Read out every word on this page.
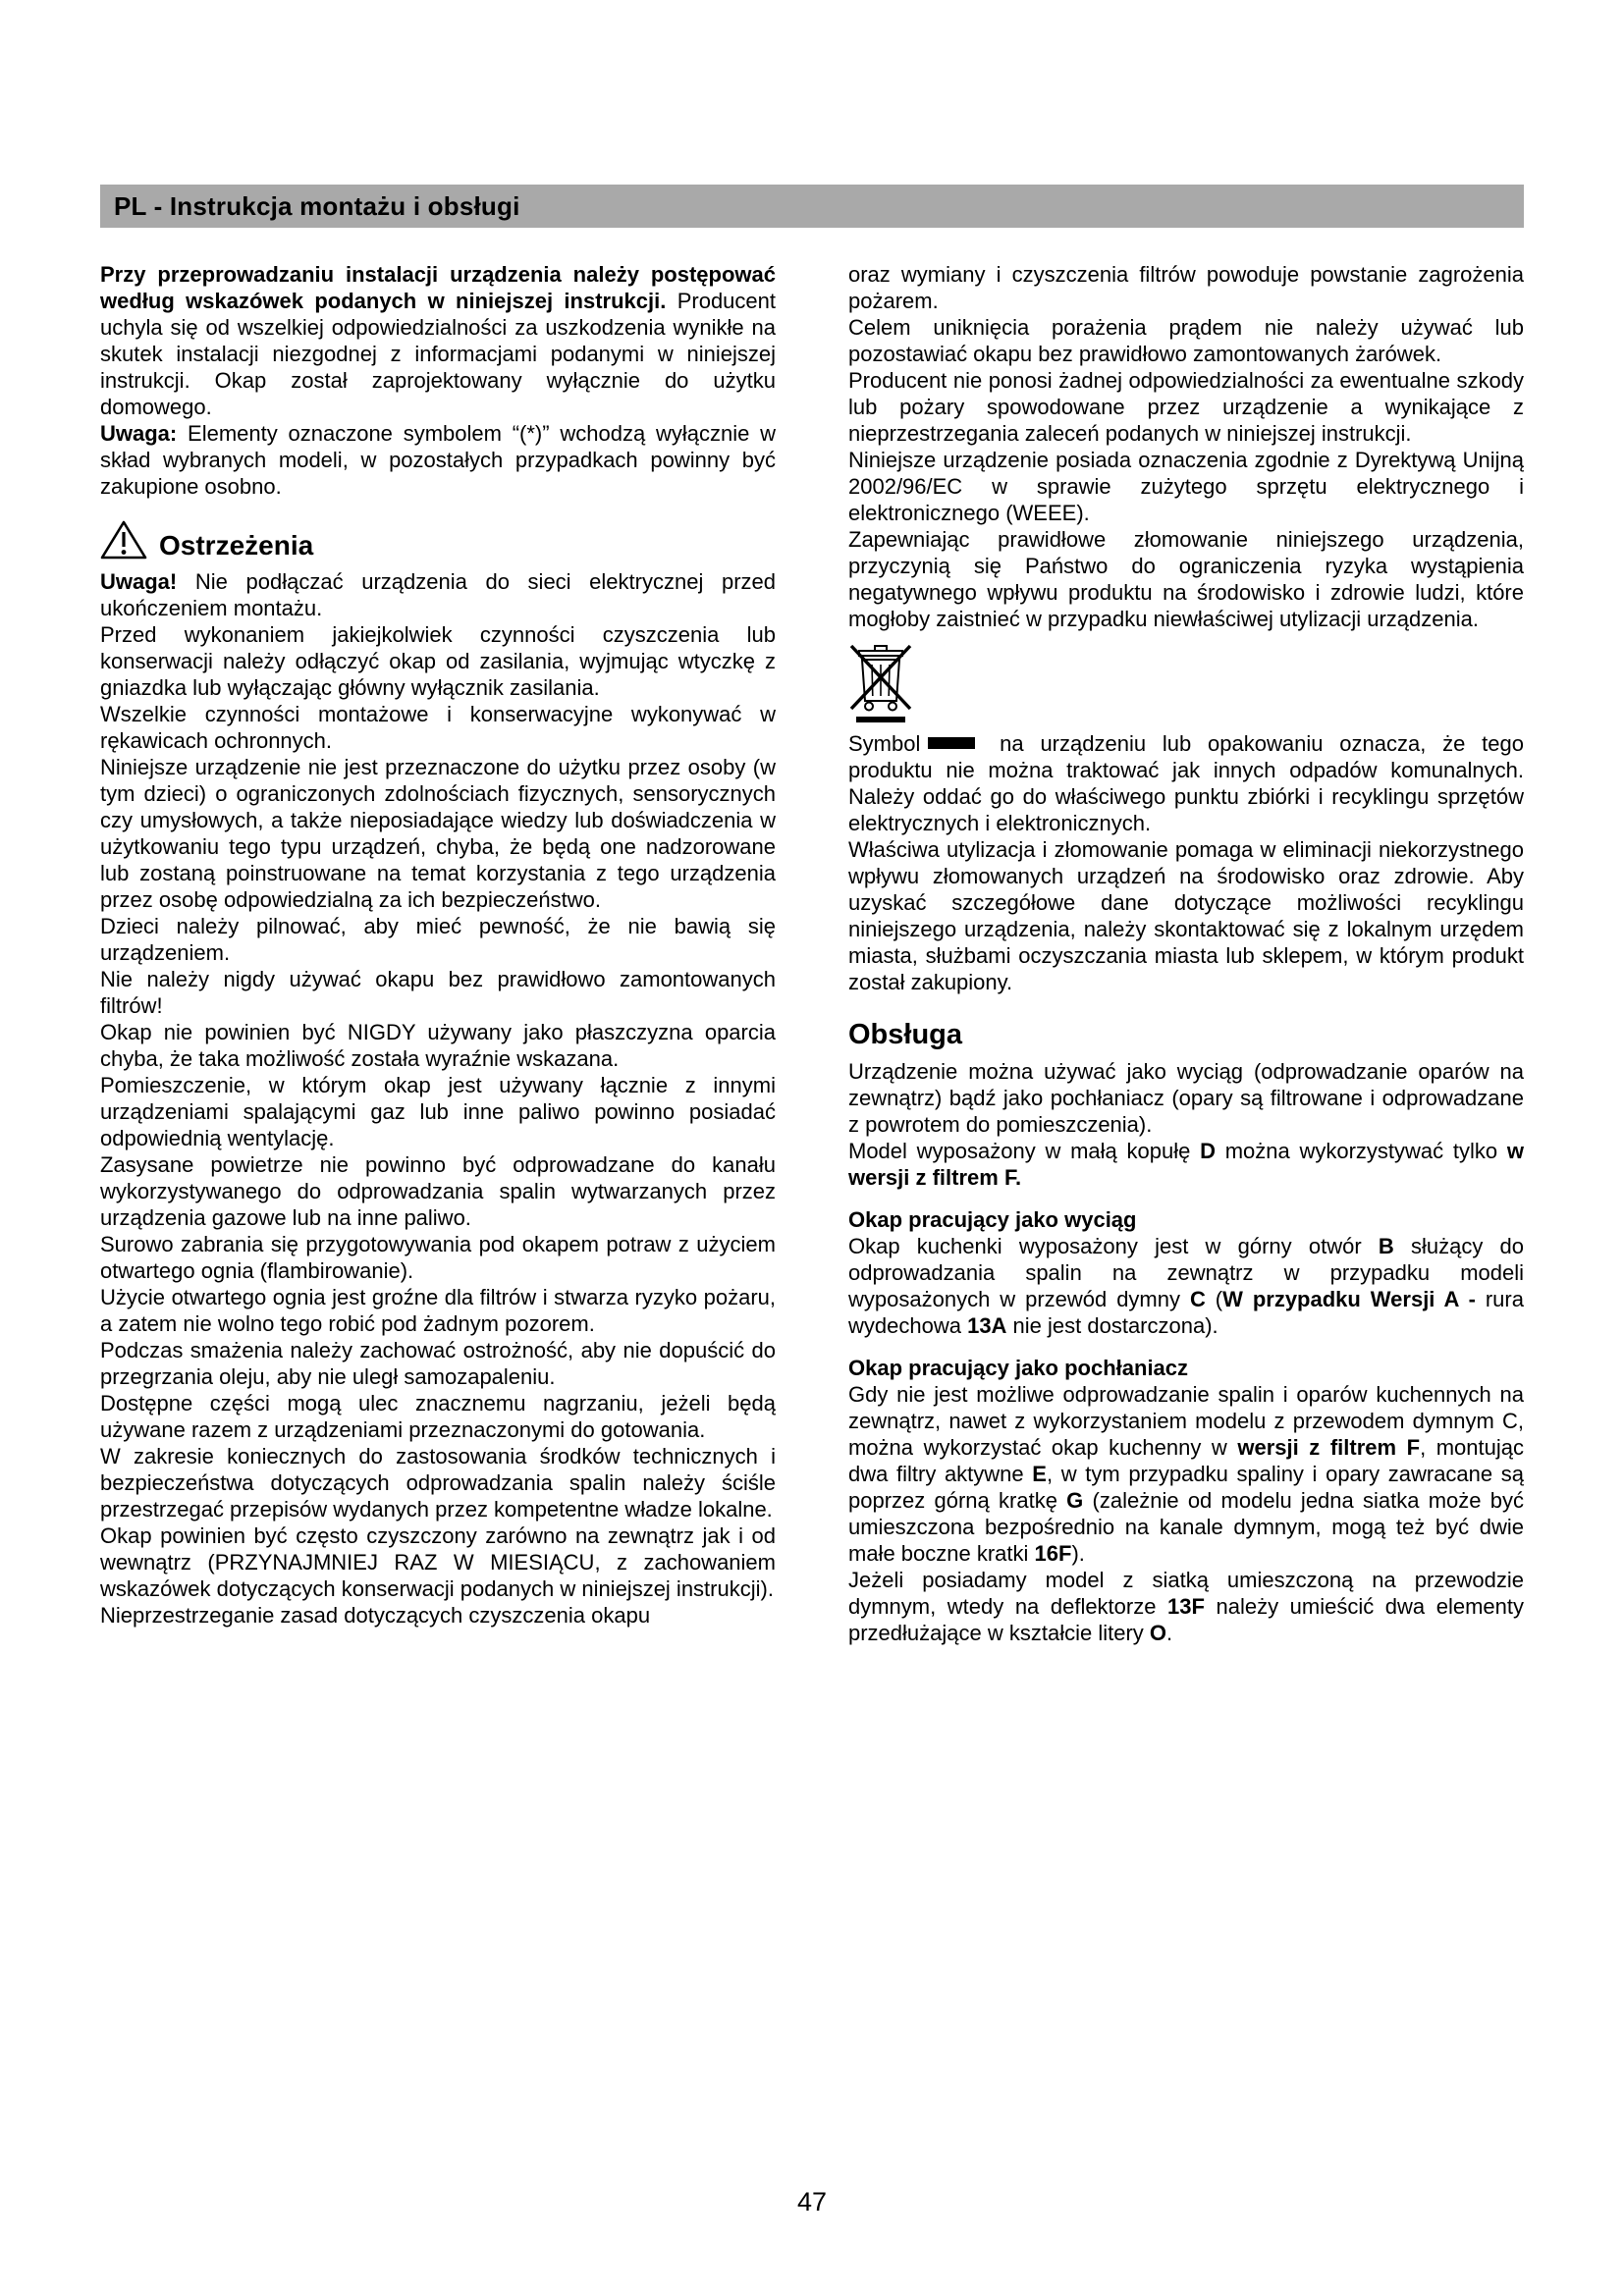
PL - Instrukcja montażu i obsługi

Przy przeprowadzaniu instalacji urządzenia należy postępować według wskazówek podanych w niniejszej instrukcji. Producent uchyla się od wszelkiej odpowiedzialności za uszkodzenia wynikłe na skutek instalacji niezgodnej z informacjami podanymi w niniejszej instrukcji. Okap został zaprojektowany wyłącznie do użytku domowego.

Uwaga: Elementy oznaczone symbolem “(*)” wchodzą wyłącznie w skład wybranych modeli, w pozostałych przypadkach powinny być zakupione osobno.

Ostrzeżenia

Uwaga! Nie podłączać urządzenia do sieci elektrycznej przed ukończeniem montażu.

Przed wykonaniem jakiejkolwiek czynności czyszczenia lub konserwacji należy odłączyć okap od zasilania, wyjmując wtyczkę z gniazdka lub wyłączając główny wyłącznik zasilania.

Wszelkie czynności montażowe i konserwacyjne wykonywać w rękawicach ochronnych.

Niniejsze urządzenie nie jest przeznaczone do użytku przez osoby (w tym dzieci) o ograniczonych zdolnościach fizycznych, sensorycznych czy umysłowych, a także nieposiadające wiedzy lub doświadczenia w użytkowaniu tego typu urządzeń, chyba, że będą one nadzorowane lub zostaną poinstruowane na temat korzystania z tego urządzenia przez osobę odpowiedzialną za ich bezpieczeństwo.

Dzieci należy pilnować, aby mieć pewność, że nie bawią się urządzeniem.

Nie należy nigdy używać okapu bez prawidłowo zamontowanych filtrów!

Okap nie powinien być NIGDY używany jako płaszczyzna oparcia chyba, że taka możliwość została wyraźnie wskazana.

Pomieszczenie, w którym okap jest używany łącznie z innymi urządzeniami spalającymi gaz lub inne paliwo powinno posiadać odpowiednią wentylację.

Zasysane powietrze nie powinno być odprowadzane do kanału wykorzystywanego do odprowadzania spalin wytwarzanych przez urządzenia gazowe lub na inne paliwo.

Surowo zabrania się przygotowywania pod okapem potraw z użyciem otwartego ognia (flambirowanie).

Użycie otwartego ognia jest groźne dla filtrów i stwarza ryzyko pożaru, a zatem nie wolno tego robić pod żadnym pozorem.

Podczas smażenia należy zachować ostrożność, aby nie dopuścić do przegrzania oleju, aby nie uległ samozapaleniu.

Dostępne części mogą ulec znacznemu nagrzaniu, jeżeli będą używane razem z urządzeniami przeznaczonymi do gotowania.

W zakresie koniecznych do zastosowania środków technicznych i bezpieczeństwa dotyczących odprowadzania spalin należy ściśle przestrzegać przepisów wydanych przez kompetentne władze lokalne.

Okap powinien być często czyszczony zarówno na zewnątrz jak i od wewnątrz (PRZYNAJMNIEJ RAZ W MIESIĄCU, z zachowaniem wskazówek dotyczących konserwacji podanych w niniejszej instrukcji).

Nieprzestrzeganie zasad dotyczących czyszczenia okapu

oraz wymiany i czyszczenia filtrów powoduje powstanie zagrożenia pożarem.

Celem uniknięcia porażenia prądem nie należy używać lub pozostawiać okapu bez prawidłowo zamontowanych żarówek.

Producent nie ponosi żadnej odpowiedzialności za ewentualne szkody lub pożary spowodowane przez urządzenie a wynikające z nieprzestrzegania zaleceń podanych w niniejszej instrukcji.

Niniejsze urządzenie posiada oznaczenia zgodnie z Dyrektywą Unijną 2002/96/EC w sprawie zużytego sprzętu elektrycznego i elektronicznego (WEEE).

Zapewniając prawidłowe złomowanie niniejszego urządzenia, przyczynią się Państwo do ograniczenia ryzyka wystąpienia negatywnego wpływu produktu na środowisko i zdrowie ludzi, które mogłoby zaistnieć w przypadku niewłaściwej utylizacji urządzenia.

Symbol	na urządzeniu lub opakowaniu oznacza, że tego produktu nie można traktować jak innych odpadów komunalnych. Należy oddać go do właściwego punktu zbiórki i recyklingu sprzętów elektrycznych i elektronicznych.

Właściwa utylizacja i złomowanie pomaga w eliminacji niekorzystnego wpływu złomowanych urządzeń na środowisko oraz zdrowie. Aby uzyskać szczegółowe dane dotyczące możliwości recyklingu niniejszego urządzenia, należy skontaktować się z lokalnym urzędem miasta, służbami oczyszczania miasta lub sklepem, w którym produkt został zakupiony.

Obsługa

Urządzenie można używać jako wyciąg (odprowadzanie oparów na zewnątrz) bądź jako pochłaniacz (opary są filtrowane i odprowadzane z powrotem do pomieszczenia).

Model wyposażony w małą kopułę D można wykorzystywać tylko w wersji z filtrem F.

Okap pracujący jako wyciąg

Okap kuchenki wyposażony jest w górny otwór B służący do odprowadzania spalin na zewnątrz w przypadku modeli wyposażonych w przewód dymny C (W przypadku Wersji A - rura wydechowa 13A nie jest dostarczona).

Okap pracujący jako pochłaniacz

Gdy nie jest możliwe odprowadzanie spalin i oparów kuchennych na zewnątrz, nawet z wykorzystaniem modelu z przewodem dymnym C, można wykorzystać okap kuchenny w wersji z filtrem F, montując dwa filtry aktywne E, w tym przypadku spaliny i opary zawracane są poprzez górną kratkę G (zależnie od modelu jedna siatka może być umieszczona bezpośrednio na kanale dymnym, mogą też być dwie małe boczne kratki 16F).

Jeżeli posiadamy model z siatką umieszczoną na przewodzie dymnym, wtedy na deflektorze 13F należy umieścić dwa elementy przedłużające w kształcie litery O.

47
